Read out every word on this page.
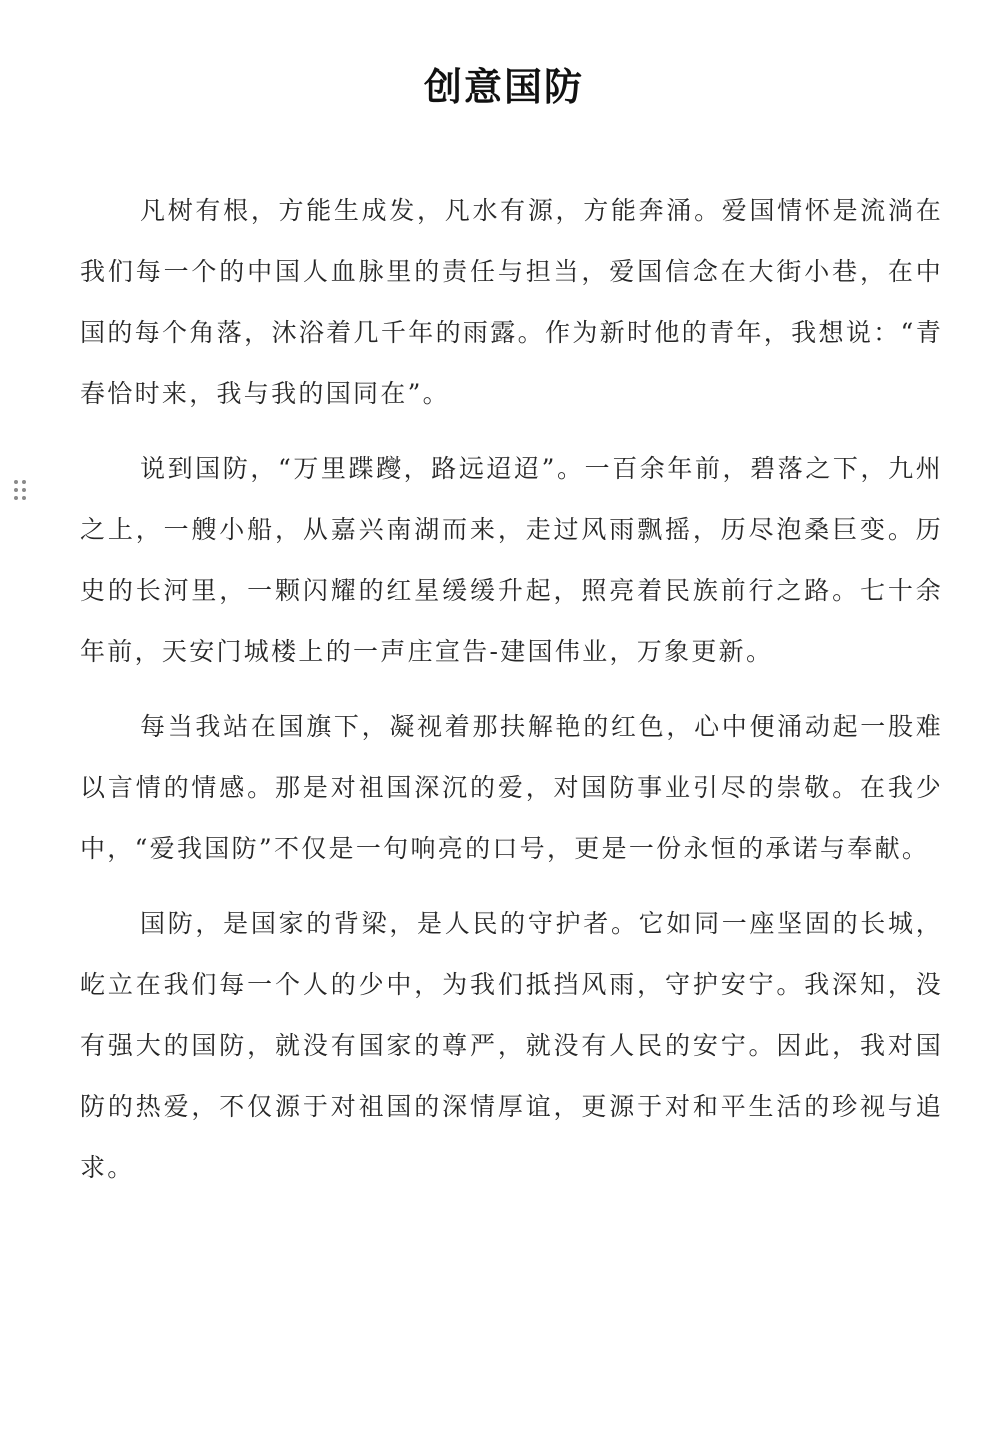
创意国防

凡树有根，方能生成发，凡水有源，方能奔涌。爱国情怀是流淌在我们每一个的中国人血脉里的责任与担当，爱国信念在大街小巷，在中国的每个角落，沐浴着几千年的雨露。作为新时他的青年，我想说：“青春恰时来，我与我的国同在”。

说到国防，“万里蹀躞，路远迢迢”。一百余年前，碧落之下，九州之上，一艘小船，从嘉兴南湖而来，走过风雨飘摇，历尽泡桑巨变。历史的长河里，一颗闪耀的红星缓缓升起，照亮着民族前行之路。七十余年前，天安门城楼上的一声庄宣告-建国伟业，万象更新。

每当我站在国旗下，凝视着那扶解艳的红色，心中便涌动起一股难以言情的情感。那是对祖国深沉的爱，对国防事业引尽的崇敬。在我少中，“爱我国防”不仅是一句响亮的口号，更是一份永恒的承诺与奉献。

国防，是国家的背梁，是人民的守护者。它如同一座坚固的长城，屹立在我们每一个人的少中，为我们抵挡风雨，守护安宁。我深知，没有强大的国防，就没有国家的尊严，就没有人民的安宁。因此，我对国防的热爱，不仅源于对祖国的深情厚谊，更源于对和平生活的珍视与追求。
